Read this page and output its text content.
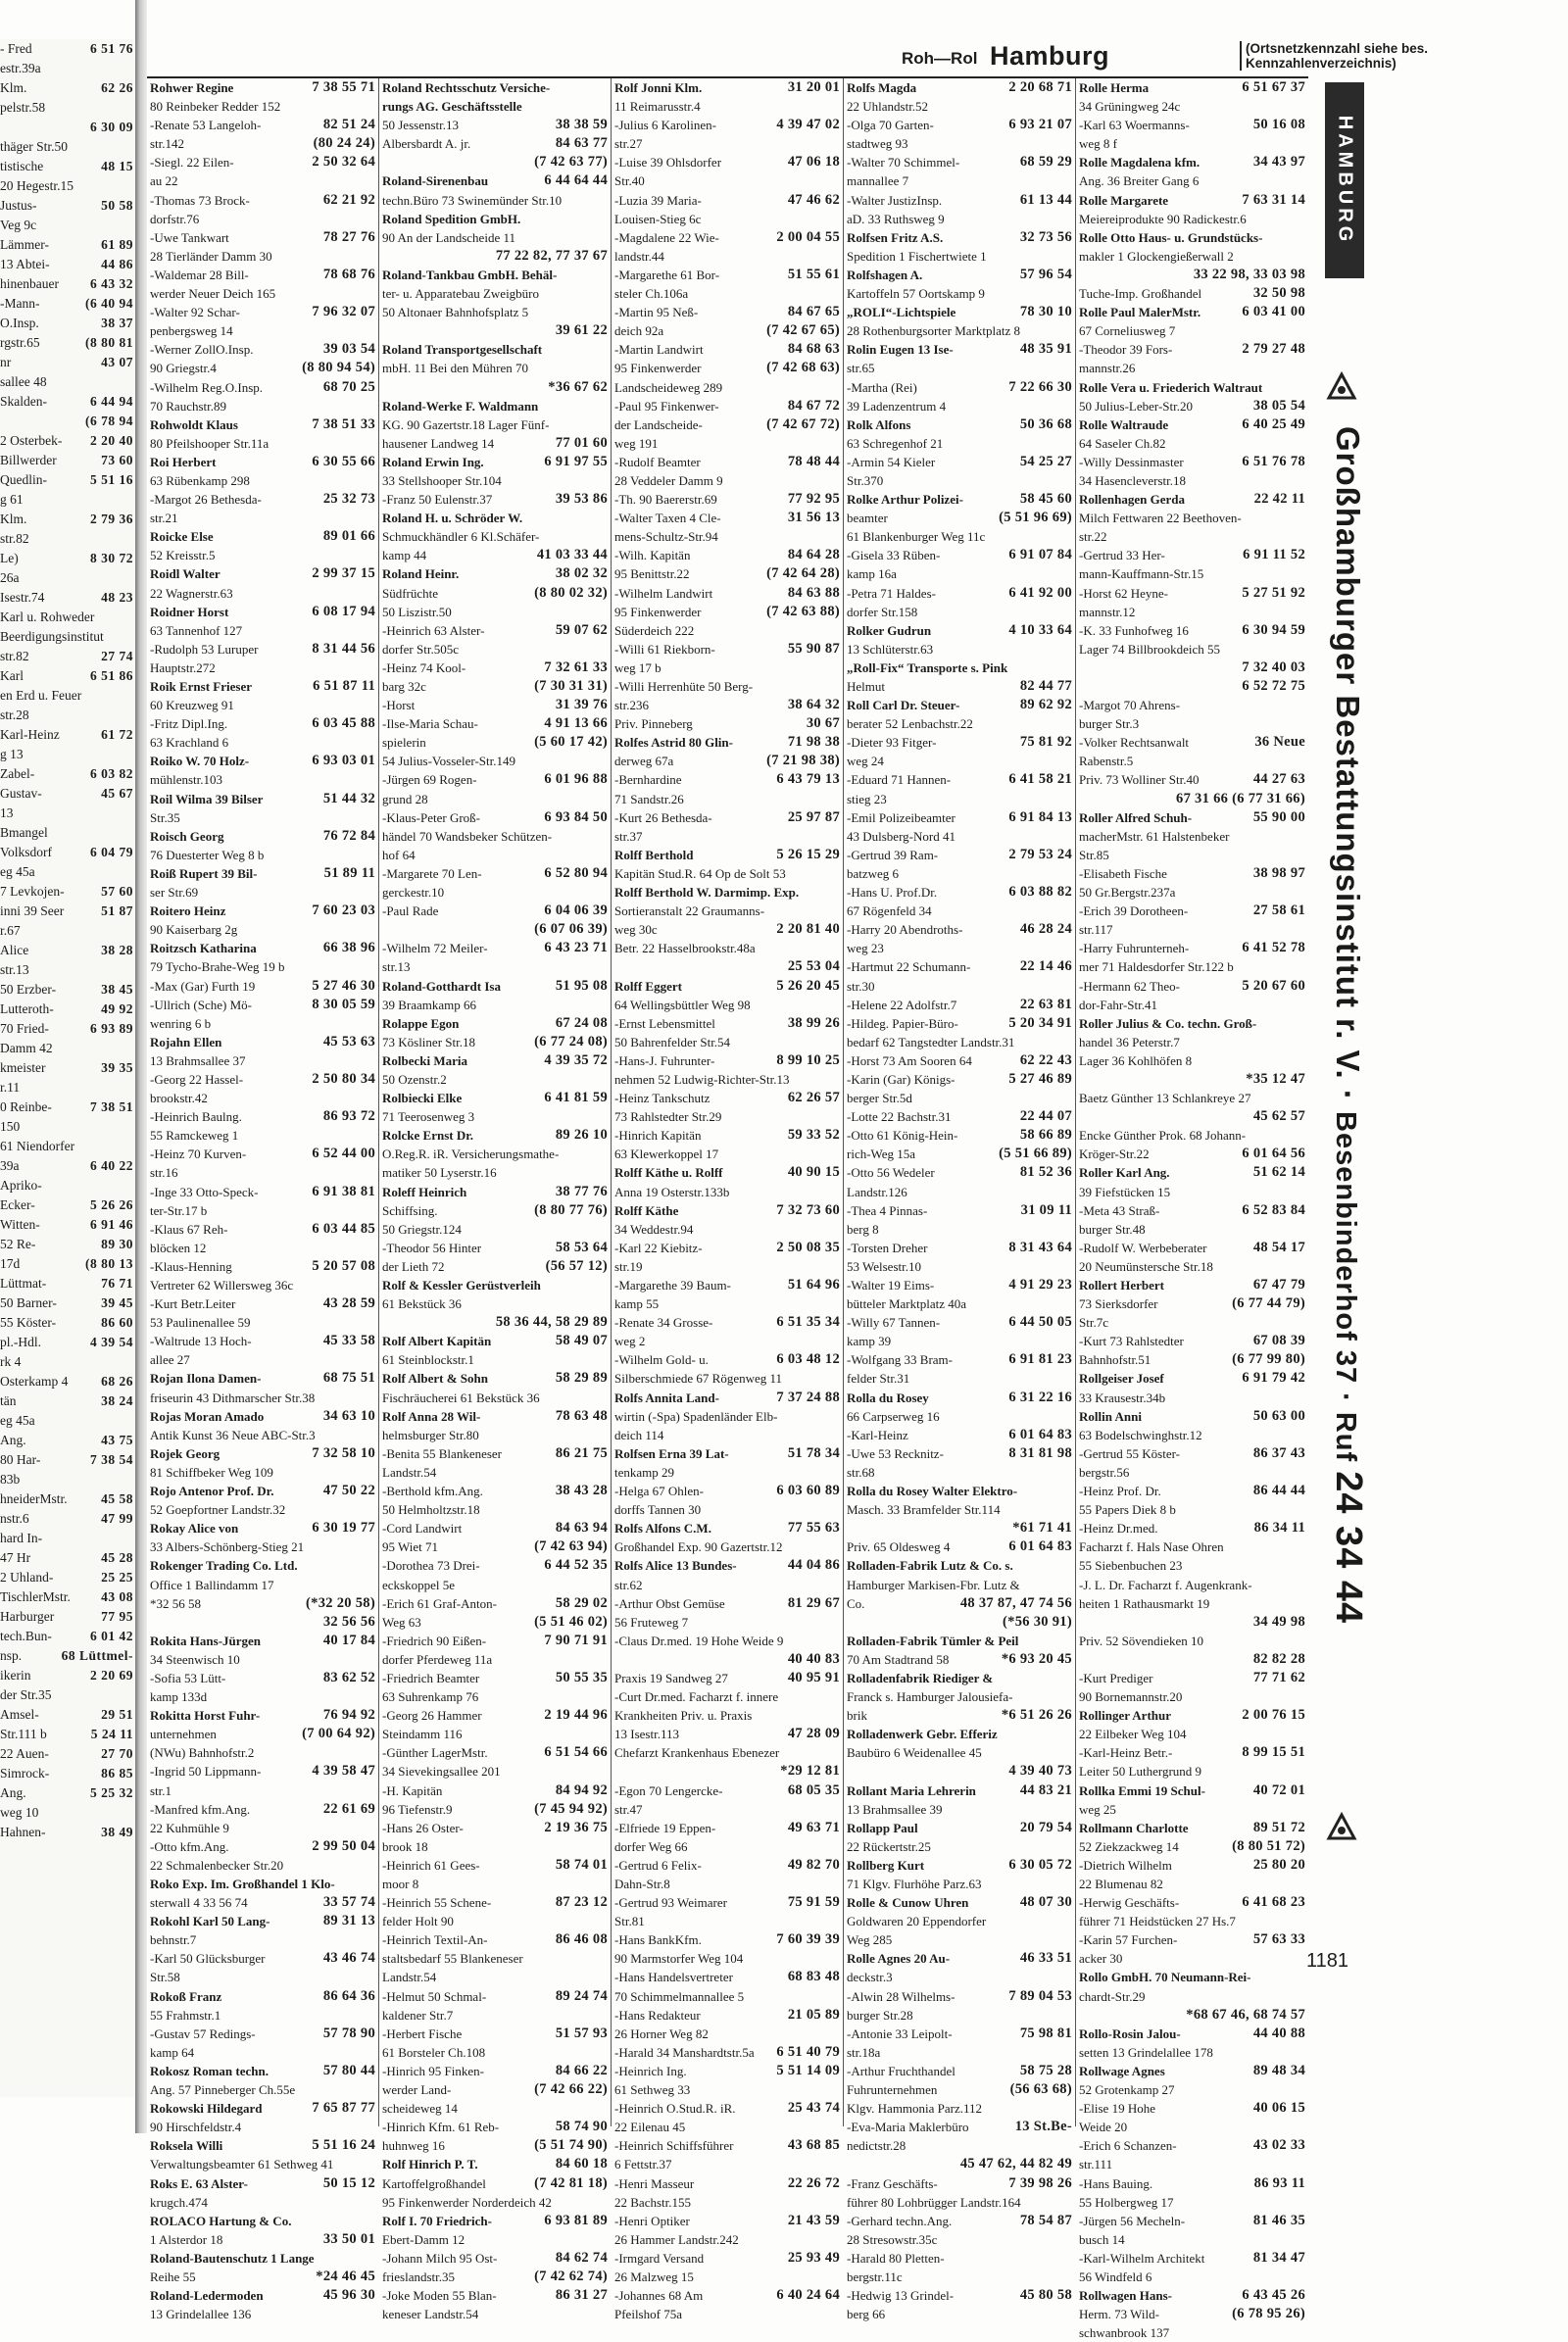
- Fred	6 51 76
estr.39a
Klm.	62 26
pelstr.58
6 30 09
thäger Str.50
tistische	48 15
20 Hegestr.15
Justus-	50 58
Veg 9c
Lämmer-	61 89
13 Abtei-	44 86
hinenbauer 6 43 32
-Mann-	(6 40 94
O.Insp.	38 37
rgstr.65	(8 80 81
nr	43 07
sallee 48
Skalden-	6 44 94
(6 78 94
2 Osterbek- 2 20 40
Billwerder	73 60
Quedlin-	5 51 16
g 61
Klm.	2 79 36
str.82
Le)	8 30 72
26a
Isestr.74	48 23
Karl u. Rohweder
Beerdigungsinstitut
str.82	27 74
Karl	6 51 86
en Erd u. Feuer
str.28
Karl-Heinz	61 72
g 13
Zabel-	6 03 82
Gustav-	45 67
13
Bmangel
Volksdorf	6 04 79
eg 45a
7 Levkojen-	57 60
inni 39 Seer	51 87
r.67
Alice	38 28
str.13
50 Erzber-	38 45
Lutteroth-	49 92
70 Fried-	6 93 89
Damm 42
kmeister	39 35
r.11
0 Reinbe-	7 38 51
150
61 Niendorfer
39a	6 40 22
Apriko-
Ecker-	5 26 26
Witten-	6 91 46
52 Re-	89 30
17d	(8 80 13
Lüttmat-	76 71
50 Barner-	39 45
55 Köster-	86 60
pl.-Hdl.	4 39 54
rk 4
Osterkamp 4	68 26
tän	38 24
eg 45a
Ang.	43 75
80 Har-	7 38 54
83b
hneiderMstr.	45 58
nstr.6	47 99
hard In-
47 Hr	45 28
2 Uhland-	25 25
TischlerMstr. 43 08
Harburger	77 95
tech.Bun-	6 01 42
nsp.	68 Lüttmel-
ikerin	2 20 69
der Str.35
Amsel-	29 51
Str.111 b	5 24 11
22 Auen-	27 70
Simrock-	86 85
Ang.	5 25 32
weg 10
Hahnen-	38 49
Roh—Rol Hamburg	(Ortsnetzkennzahl siehe bes. Kennzahlenverzeichnis)
Rohwer Regine	7 38 55 71
80 Reinbeker Redder 152
-Renate 53 Langeloh-	82 51 24
str.142	(80 24 24)
-Siegl. 22 Eilen-	2 50 32 64
au 22
-Thomas 73 Brock-	62 21 92
dorfstr.76
-Uwe Tankwart	78 27 76
28 Tierländer Damm 30
-Waldemar 28 Bill-	78 68 76
werder Neuer Deich 165
-Walter 92 Schar-	7 96 32 07
penbergsweg 14
-Werner ZollO.Insp.	39 03 54
90 Griegstr.4	(8 80 94 54)
-Wilhelm Reg.O.Insp.	68 70 25
70 Rauchstr.89
Rohwoldt Klaus	7 38 51 33
80 Pfeilshooper Str.11a
Roi Herbert	6 30 55 66
63 Rübenkamp 298
-Margot 26 Bethesda-	25 32 73
str.21
Roicke Else	89 01 66
52 Kreisstr.5
Roidl Walter	2 99 37 15
22 Wagnerstr.63
Roidner Horst	6 08 17 94
63 Tannenhof 127
-Rudolph 53 Luruper	8 31 44 56
Hauptstr.272
Roik Ernst Frieser	6 51 87 11
60 Kreuzweg 91
-Fritz Dipl.Ing.	6 03 45 88
63 Krachland 6
Roiko W. 70 Holz-	6 93 03 01
mühlenstr.103
Roil Wilma 39 Bilser	51 44 32
Str.35
Roisch Georg	76 72 84
76 Duesterter Weg 8 b
Roiß Rupert 39 Bil-	51 89 11
ser Str.69
Roitero Heinz	7 60 23 03
90 Kaiserbarg 2g
Roitzsch Katharina	66 38 96
79 Tycho-Brahe-Weg 19 b
-Max (Gar) Furth 19	5 27 46 30
-Ullrich (Sche) Mö-	8 30 05 59
wenring 6 b
Rojahn Ellen	45 53 63
13 Brahmsallee 37
-Georg 22 Hassel-	2 50 80 34
brookstr.42
-Heinrich Baulng.	86 93 72
55 Ramckeweg 1
-Heinz 70 Kurven-	6 52 44 00
str.16
-Inge 33 Otto-Speck-	6 91 38 81
ter-Str.17 b
-Klaus 67 Reh-	6 03 44 85
blöcken 12
-Klaus-Henning	5 20 57 08
Vertreter 62 Willersweg 36c
-Kurt Betr.Leiter	43 28 59
53 Paulinenallee 59
-Waltrude 13 Hoch-	45 33 58
allee 27
Rojan Ilona Damen-	68 75 51
friseurin 43 Dithmarscher Str.38
Rojas Moran Amado	34 63 10
Antik Kunst 36 Neue ABC-Str.3
Rojek Georg	7 32 58 10
81 Schiffbeker Weg 109
Rojo Antenor Prof. Dr.	47 50 22
52 Goepfortner Landstr.32
Rokay Alice von	6 30 19 77
33 Albers-Schönberg-Stieg 21
Rokenger Trading Co. Ltd.
Office 1 Ballindamm 17
*32 56 58	(*32 20 58)
32 56 56
Rokita Hans-Jürgen	40 17 84
34 Steenwisch 10
-Sofia 53 Lütt-	83 62 52
kamp 133d
Rokitta Horst Fuhr-	76 94 92
unternehmen	(7 00 64 92)
(NWu) Bahnhofstr.2
-Ingrid 50 Lippmann-	4 39 58 47
str.1
-Manfred kfm.Ang.	22 61 69
22 Kuhmühle 9
-Otto kfm.Ang.	2 99 50 04
22 Schmalenbecker Str.20
Roko Exp. Im. Großhandel 1 Klo-
sterwall 4 33 56 74	33 57 74
Rokohl Karl 50 Lang-	89 31 13
behnstr.7
-Karl 50 Glücksburger	43 46 74
Str.58
Rokoß Franz	86 64 36
55 Frahmstr.1
-Gustav 57 Redings-	57 78 90
kamp 64
Rokosz Roman techn.	57 80 44
Ang. 57 Pinneberger Ch.55e
Rokowski Hildegard	7 65 87 77
90 Hirschfeldstr.4
Roksela Willi	5 51 16 24
Verwaltungsbeamter 61 Sethweg 41
Roks E. 63 Alster-	50 15 12
krugch.474
ROLACO Hartung & Co.
1 Alsterdor 18	33 50 01
Roland-Bautenschutz 1 Lange
Reihe 55	*24 46 45
Roland-Ledermoden	45 96 30
13 Grindelallee 136
Roland Rechtsschutz Versiche-
rungs AG. Geschäftsstelle
50 Jessenstr.13	38 38 59
Albersbardt A. jr.	84 63 77
(7 42 63 77)
Roland-Sirenenbau	6 44 64 44
techn.Büro 73 Swinemünder Str.10
Roland Spedition GmbH.
90 An der Landscheide 11
77 22 82, 77 37 67
Roland-Tankbau GmbH. Behäl-
ter- u. Apparatebau Zweigbüro
50 Altonaer Bahnhofsplatz 5
39 61 22
Roland Transportgesellschaft
mbH. 11 Bei den Mühren 70
*36 67 62
Roland-Werke F. Waldmann
KG. 90 Gazertstr.18 Lager Fünf-
hausener Landweg 14	77 01 60
Roland Erwin Ing.	6 91 97 55
33 Stellshooper Str.104
-Franz 50 Eulenstr.37	39 53 86
Roland H. u. Schröder W.
Schmuckhändler 6 Kl.Schäfer-
kamp 44	41 03 33 44
Roland Heinr.	38 02 32
Südfrüchte	(8 80 02 32)
50 Liszistr.50
-Heinrich 63 Alster-	59 07 62
dorfer Str.505c
-Heinz 74 Kool-	7 32 61 33
barg 32c	(7 30 31 31)
-Horst	31 39 76
-Ilse-Maria Schau-	4 91 13 66
spielerin	(5 60 17 42)
54 Julius-Vosseler-Str.149
-Jürgen 69 Rogen-	6 01 96 88
grund 28
-Klaus-Peter Groß-	6 93 84 50
händel 70 Wandsbeker Schützen-
hof 64
-Margarete 70 Len-	6 52 80 94
gerckestr.10
-Paul Rade	6 04 06 39
(6 07 06 39)
-Wilhelm 72 Meiler-	6 43 23 71
str.13
Roland-Gotthardt Isa	51 95 08
39 Braamkamp 66
Rolappe Egon	67 24 08
73 Kösliner Str.18	(6 77 24 08)
Rolbecki Maria	4 39 35 72
50 Ozenstr.2
Rolbiecki Elke	6 41 81 59
71 Teerosenweg 3
Rolcke Ernst Dr.	89 26 10
O.Reg.R. iR. Versicherungsmathe-
matiker 50 Lyserstr.16
Roleff Heinrich	38 77 76
Schiffsing.	(8 80 77 76)
50 Griegstr.124
-Theodor 56 Hinter	58 53 64
der Lieth 72	(56 57 12)
Rolf & Kessler Gerüstverleih
61 Bekstück 36
58 36 44, 58 29 89
Rolf Albert Kapitän	58 49 07
61 Steinblockstr.1
Rolf Albert & Sohn	58 29 89
Fischräucherei 61 Bekstück 36
Rolf Anna 28 Wil-	78 63 48
helmsburger Str.80
-Benita 55 Blankeneser	86 21 75
Landstr.54
-Berthold kfm.Ang.	38 43 28
50 Helmholtzstr.18
-Cord Landwirt	84 63 94
95 Wiet 71	(7 42 63 94)
-Dorothea 73 Drei-	6 44 52 35
eckskoppel 5e
-Erich 61 Graf-Anton-	58 29 02
Weg 63	(5 51 46 02)
-Friedrich 90 Eißen-	7 90 71 91
dorfer Pferdeweg 11a
-Friedrich Beamter	50 55 35
63 Suhrenkamp 76
-Georg 26 Hammer	2 19 44 96
Steindamm 116
-Günther LagerMstr.	6 51 54 66
34 Sievekingsallee 201
-H. Kapitän	84 94 92
96 Tiefenstr.9	(7 45 94 92)
-Hans 26 Oster-	2 19 36 75
brook 18
-Heinrich 61 Gees-	58 74 01
moor 8
-Heinrich 55 Schene-	87 23 12
felder Holt 90
-Heinrich Textil-An-	86 46 08
staltsbedarf 55 Blankeneser
Landstr.54
-Helmut 50 Schmal-	89 24 74
kaldener Str.7
-Herbert Fische	51 57 93
61 Borsteler Ch.108
-Hinrich 95 Finken-	84 66 22
werder Land-	(7 42 66 22)
scheideweg 14
-Hinrich Kfm. 61 Reb-	58 74 90
huhnweg 16	(5 51 74 90)
Rolf Hinrich P. T.	84 60 18
Kartoffelgroßhandel	(7 42 81 18)
95 Finkenwerder Norderdeich 42
Rolf I. 70 Friedrich-	6 93 81 89
Ebert-Damm 12
-Johann Milch 95 Ost-	84 62 74
frieslandstr.35	(7 42 62 74)
-Joke Moden 55 Blan-	86 31 27
keneser Landstr.54
Rolf Jonni Klm.	31 20 01
11 Reimarusstr.4
-Julius 6 Karolinen-	4 39 47 02
str.27
-Luise 39 Ohlsdorfer	47 06 18
Str.40
-Luzia 39 Maria-	47 46 62
Louisen-Stieg 6c
-Magdalene 22 Wie-	2 00 04 55
landstr.44
-Margarethe 61 Bor-	51 55 61
steler Ch.106a
-Martin 95 Neß-	84 67 65
deich 92a	(7 42 67 65)
-Martin Landwirt	84 68 63
95 Finkenwerder	(7 42 68 63)
Landscheideweg 289
-Paul 95 Finkenwer-	84 67 72
der Landscheide-	(7 42 67 72)
weg 191
-Rudolf Beamter	78 48 44
28 Veddeler Damm 9
-Th. 90 Baererstr.69	77 92 95
-Walter Taxen 4 Cle-	31 56 13
mens-Schultz-Str.94
-Wilh. Kapitän	84 64 28
95 Benittstr.22	(7 42 64 28)
-Wilhelm Landwirt	84 63 88
95 Finkenwerder	(7 42 63 88)
Süderdeich 222
-Willi 61 Riekborn-	55 90 87
weg 17 b
-Willi Herrenhüte 50 Berg-
str.236	38 64 32
Priv. Pinneberg	30 67
Rolfes Astrid 80 Glin-	71 98 38
derweg 67a	(7 21 98 38)
-Bernhardine	6 43 79 13
71 Sandstr.26
-Kurt 26 Bethesda-	25 97 87
str.37
Rolff Berthold	5 26 15 29
Kapitän Stud.R. 64 Op de Solt 53
Rolff Berthold W. Darmimp. Exp.
Sortieranstalt 22 Graumanns-
weg 30c	2 20 81 40
Betr. 22 Hasselbrookstr.48a
25 53 04
Rolff Eggert	5 26 20 45
64 Wellingsbüttler Weg 98
-Ernst Lebensmittel	38 99 26
50 Bahrenfelder Str.54
-Hans-J. Fuhrunter-	8 99 10 25
nehmen 52 Ludwig-Richter-Str.13
-Heinz Tankschutz	62 26 57
73 Rahlstedter Str.29
-Hinrich Kapitän	59 33 52
63 Klewerkoppel 17
Rolff Käthe u. Rolff	40 90 15
Anna 19 Osterstr.133b
Rolff Käthe	7 32 73 60
34 Weddestr.94
-Karl 22 Kiebitz-	2 50 08 35
str.19
-Margarethe 39 Baum-	51 64 96
kamp 55
-Renate 34 Grosse-	6 51 35 34
weg 2
-Wilhelm Gold- u.	6 03 48 12
Silberschmiede 67 Rögenweg 11
Rolfs Annita Land-	7 37 24 88
wirtin (-Spa) Spadenländer Elb-
deich 114
Rolfsen Erna 39 Lat-	51 78 34
tenkamp 29
-Helga 67 Ohlen-	6 03 60 89
dorffs Tannen 30
Rolfs Alfons C.M.	77 55 63
Großhandel Exp. 90 Gazertstr.12
Rolfs Alice 13 Bundes-	44 04 86
str.62
-Arthur Obst Gemüse	81 29 67
56 Fruteweg 7
-Claus Dr.med. 19 Hohe Weide 9
40 40 83
Praxis 19 Sandweg 27	40 95 91
-Curt Dr.med. Facharzt f. innere
Krankheiten Priv. u. Praxis
13 Isestr.113	47 28 09
Chefarzt Krankenhaus Ebenezer
*29 12 81
-Egon 70 Lengercke-	68 05 35
str.47
-Elfriede 19 Eppen-	49 63 71
dorfer Weg 66
-Gertrud 6 Felix-	49 82 70
Dahn-Str.8
-Gertrud 93 Weimarer	75 91 59
Str.81
-Hans BankKfm.	7 60 39 39
90 Marmstorfer Weg 104
-Hans Handelsvertreter	68 83 48
70 Schimmelmannallee 5
-Hans Redakteur	21 05 89
26 Horner Weg 82
-Harald 34 Manshardtstr.5a 6 51 40 79
-Heinrich Ing.	5 51 14 09
61 Sethweg 33
-Heinrich O.Stud.R. iR.	25 43 74
22 Eilenau 45
-Heinrich Schiffsführer	43 68 85
6 Fettstr.37
-Henri Masseur	22 26 72
22 Bachstr.155
-Henri Optiker	21 43 59
26 Hammer Landstr.242
-Irmgard Versand	25 93 49
26 Malzweg 15
-Johannes 68 Am	6 40 24 64
Pfeilshof 75a
Rolfs Magda	2 20 68 71
22 Uhlandstr.52
-Olga 70 Garten-	6 93 21 07
stadtweg 93
-Walter 70 Schimmel-	68 59 29
mannallee 7
-Walter JustizInsp.	61 13 44
aD. 33 Ruthsweg 9
Rolfsen Fritz A.S.	32 73 56
Spedition 1 Fischertwiete 1
Rolfshagen A.	57 96 54
Kartoffeln 57 Oortskamp 9
„ROLI“-Lichtspiele	78 30 10
28 Rothenburgsorter Marktplatz 8
Rolin Eugen 13 Ise-	48 35 91
str.65
-Martha (Rei)	7 22 66 30
39 Ladenzentrum 4
Rolk Alfons	50 36 68
63 Schregenhof 21
-Armin 54 Kieler	54 25 27
Str.370
Rolke Arthur Polizei-	58 45 60
beamter	(5 51 96 69)
61 Blankenburger Weg 11c
-Gisela 33 Rüben-	6 91 07 84
kamp 16a
-Petra 71 Haldes-	6 41 92 00
dorfer Str.158
Rolker Gudrun	4 10 33 64
13 Schlüterstr.63
„Roll-Fix“ Transporte s. Pink
Helmut	82 44 77
Roll Carl Dr. Steuer-	89 62 92
berater 52 Lenbachstr.22
-Dieter 93 Fitger-	75 81 92
weg 24
-Eduard 71 Hannen-	6 41 58 21
stieg 23
-Emil Polizeibeamter	6 91 84 13
43 Dulsberg-Nord 41
-Gertrud 39 Ram-	2 79 53 24
batzweg 6
-Hans U. Prof.Dr.	6 03 88 82
67 Rögenfeld 34
-Harry 20 Abendroths-	46 28 24
weg 23
-Hartmut 22 Schumann-	22 14 46
str.30
-Helene 22 Adolfstr.7	22 63 81
-Hildeg. Papier-Büro-	5 20 34 91
bedarf 62 Tangstedter Landstr.31
-Horst 73 Am Sooren 64	62 22 43
-Karin (Gar) Königs-	5 27 46 89
berger Str.5d
-Lotte 22 Bachstr.31	22 44 07
-Otto 61 König-Hein-	58 66 89
rich-Weg 15a	(5 51 66 89)
-Otto 56 Wedeler	81 52 36
Landstr.126
-Thea 4 Pinnas-	31 09 11
berg 8
-Torsten Dreher	8 31 43 64
53 Welsestr.10
-Walter 19 Eims-	4 91 29 23
bütteler Marktplatz 40a
-Willy 67 Tannen-	6 44 50 05
kamp 39
-Wolfgang 33 Bram-	6 91 81 23
felder Str.31
Rolla du Rosey	6 31 22 16
66 Carpserweg 16
-Karl-Heinz	6 01 64 83
-Uwe 53 Recknitz-	8 31 81 98
str.68
Rolla du Rosey Walter Elektro-
Masch. 33 Bramfelder Str.114
*61 71 41
Priv. 65 Oldesweg 4	6 01 64 83
Rolladen-Fabrik Lutz & Co. s.
Hamburger Markisen-Fbr. Lutz &
Co.	48 37 87, 47 74 56
(*56 30 91)
Rolladen-Fabrik Tümler & Peil
70 Am Stadtrand 58	*6 93 20 45
Rolladenfabrik Riediger &
Franck s. Hamburger Jalousiefa-
brik	*6 51 26 26
Rolladenwerk Gebr. Efferiz
Baubüro 6 Weidenallee 45
4 39 40 73
Rollant Maria Lehrerin	44 83 21
13 Brahmsallee 39
Rollapp Paul	20 79 54
22 Rückertstr.25
Rollberg Kurt	6 30 05 72
71 Klgv. Flurhöhe Parz.63
Rolle & Cunow Uhren	48 07 30
Goldwaren 20 Eppendorfer
Weg 285
Rolle Agnes 20 Au-	46 33 51
deckstr.3
-Alwin 28 Wilhelms-	7 89 04 53
burger Str.28
-Antonie 33 Leipolt-	75 98 81
str.18a
-Arthur Fruchthandel	58 75 28
Fuhrunternehmen	(56 63 68)
Klgv. Hammonia Parz.112
-Eva-Maria Maklerbüro	13 St.Be-
nedictstr.28
45 47 62, 44 82 49
-Franz Geschäfts-	7 39 98 26
führer 80 Lohbrügger Landstr.164
-Gerhard techn.Ang.	78 54 87
28 Stresowstr.35c
-Harald 80 Pletten-
bergstr.11c
-Hedwig 13 Grindel-	45 80 58
berg 66
Rolle Herma	6 51 67 37
34 Grüningweg 24c
-Karl 63 Woermanns-	50 16 08
weg 8 f
Rolle Magdalena kfm.	34 43 97
Ang. 36 Breiter Gang 6
Rolle Margarete	7 63 31 14
Meiereiprodukte 90 Radickestr.6
Rolle Otto Haus- u. Grundstücks-
makler 1 Glockengießerwall 2
33 22 98, 33 03 98
Tuche-Imp. Großhandel	32 50 98
Rolle Paul MalerMstr.	6 03 41 00
67 Corneliusweg 7
-Theodor 39 Fors-	2 79 27 48
mannstr.26
Rolle Vera u. Friederich Waltraut
50 Julius-Leber-Str.20	38 05 54
Rolle Waltraude	6 40 25 49
64 Saseler Ch.82
-Willy Dessinmaster	6 51 76 78
34 Hasencleverstr.18
Rollenhagen Gerda	22 42 11
Milch Fettwaren 22 Beethoven-
str.22
-Gertrud 33 Her-	6 91 11 52
mann-Kauffmann-Str.15
-Horst 62 Heyne-	5 27 51 92
mannstr.12
-K. 33 Funhofweg 16	6 30 94 59
Lager 74 Billbrookdeich 55
7 32 40 03
6 52 72 75
-Margot 70 Ahrens-
burger Str.3
-Volker Rechtsanwalt	36 Neue
Rabenstr.5
Priv. 73 Wolliner Str.40	44 27 63
67 31 66 (6 77 31 66)
Roller Alfred Schuh-	55 90 00
macherMstr. 61 Halstenbeker
Str.85
-Elisabeth Fische	38 98 97
50 Gr.Bergstr.237a
-Erich 39 Dorotheen-	27 58 61
str.117
-Harry Fuhrunterneh-	6 41 52 78
mer 71 Haldesdorfer Str.122 b
-Hermann 62 Theo-	5 20 67 60
dor-Fahr-Str.41
Roller Julius & Co. techn. Groß-
handel 36 Peterstr.7
Lager 36 Kohlhöfen 8
*35 12 47
Baetz Günther 13 Schlankreye 27
45 62 57
Encke Günther Prok. 68 Johann-
Kröger-Str.22	6 01 64 56
Roller Karl Ang.	51 62 14
39 Fiefstücken 15
-Meta 43 Straß-	6 52 83 84
burger Str.48
-Rudolf W. Werbeberater	48 54 17
20 Neumünstersche Str.18
Rollert Herbert	67 47 79
73 Sierksdorfer	(6 77 44 79)
Str.7c
-Kurt 73 Rahlstedter	67 08 39
Bahnhofstr.51	(6 77 99 80)
Rollgeiser Josef	6 91 79 42
33 Krausestr.34b
Rollin Anni	50 63 00
63 Bodelschwinghstr.12
-Gertrud 55 Köster-	86 37 43
bergstr.56
-Heinz Prof. Dr.	86 44 44
55 Papers Diek 8 b
-Heinz Dr.med.	86 34 11
Facharzt f. Hals Nase Ohren
55 Siebenbuchen 23
-J. L. Dr. Facharzt f. Augenkrank-
heiten 1 Rathausmarkt 19
34 49 98
Priv. 52 Sövendieken 10
82 82 28
-Kurt Prediger	77 71 62
90 Bornemannstr.20
Rollinger Arthur	2 00 76 15
22 Eilbeker Weg 104
-Karl-Heinz Betr.-	8 99 15 51
Leiter 50 Luthergrund 9
Rollka Emmi 19 Schul-	40 72 01
weg 25
Rollmann Charlotte	89 51 72
52 Ziekzackweg 14	(8 80 51 72)
-Dietrich Wilhelm	25 80 20
22 Blumenau 82
-Herwig Geschäfts-	6 41 68 23
führer 71 Heidstücken 27 Hs.7
-Karin 57 Furchen-	57 63 33
acker 30
Rollo GmbH. 70 Neumann-Rei-
chardt-Str.29
*68 67 46, 68 74 57
Rollo-Rosin Jalou-	44 40 88
setten 13 Grindelallee 178
Rollwage Agnes	89 48 34
52 Grotenkamp 27
-Elise 19 Hohe	40 06 15
Weide 20
-Erich 6 Schanzen-	43 02 33
str.111
-Hans Bauing.	86 93 11
55 Holbergweg 17
-Jürgen 56 Mecheln-	81 46 35
busch 14
-Karl-Wilhelm Architekt	81 34 47
56 Windfeld 6
Rollwagen Hans-	6 43 45 26
Herm. 73 Wild-	(6 78 95 26)
schwanbrook 137
HAMBURG
Großhamburger Bestattungsinstitut r. V. · Besenbinderhof 37 · Ruf 24 34 44
1181
